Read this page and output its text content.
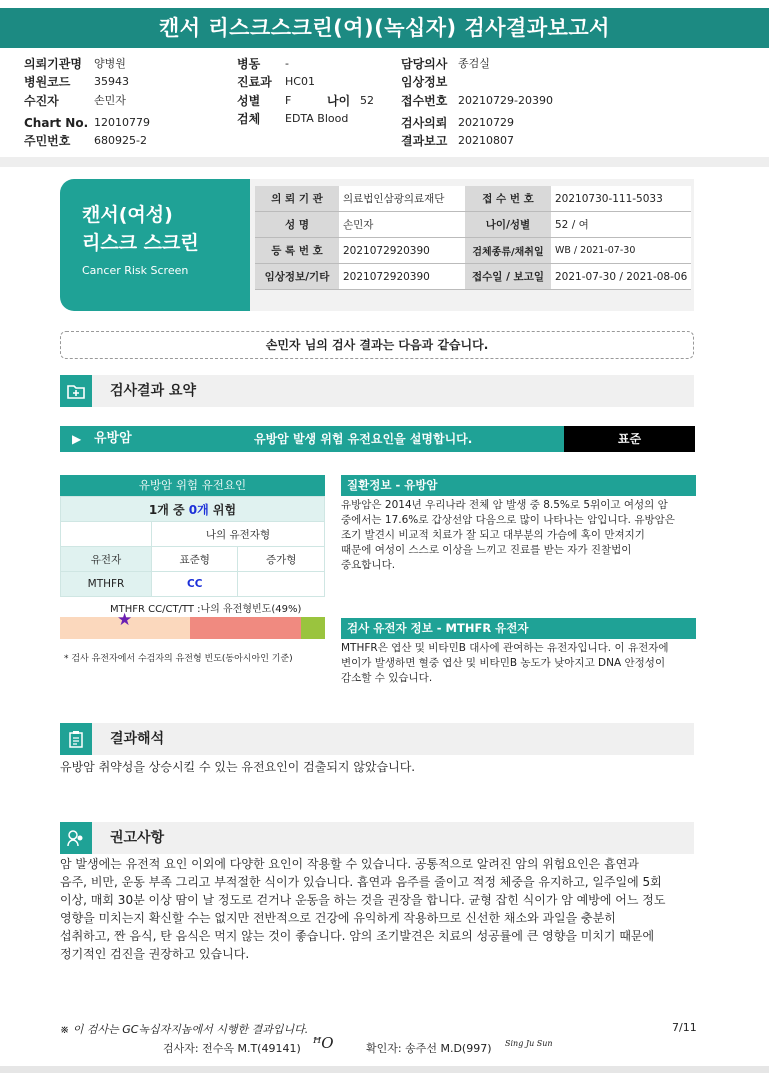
캔서 리스크스크린(여)(녹십자) 검사결과보고서
의뢰기관명 양병원
병원코드 35943
수진자	손민자
Chart No. 12010779
주민번호 680925-2
병동 -
진료과 HC01
성별 F	나이 52
검체 EDTA Blood
담당의사 종검실
임상정보
접수번호 20210729-20390
검사의뢰 20210729
결과보고 20210807
캔서(여성)
리스크 스크린
Cancer Risk Screen
의 뢰 기 관	의료법인삼광의료재단	접 수 번 호	20210730-111-5033
성 명	손민자	나이/성별	52 / 여
등 록 번 호	2021072920390	검체종류/채취일	WB / 2021-07-30
임상정보/기타	2021072920390	접수일 / 보고일	2021-07-30 / 2021-08-06
손민자 님의 검사 결과는 다음과 같습니다.
검사결과 요약
▶ 유방암	유방암 발생 위험 유전요인을 설명합니다.	표준
유방암 위험 유전요인
1개 중 0개 위험		
	나의 유전자형	
유전자	표준형	증가형
MTHFR	CC	
MTHFR CC/CT/TT :나의 유전형빈도(49%)
★
* 검사 유전자에서 수검자의 유전형 빈도(동아시아인 기준)
질환정보 - 유방암
유방암은 2014년 우리나라 전체 암 발생 중 8.5%로 5위이고 여성의 암
중에서는 17.6%로 갑상선암 다음으로 많이 나타나는 암입니다. 유방암은
조기 발견시 비교적 치료가 잘 되고 대부분의 가슴에 혹이 만져지기
때문에 여성이 스스로 이상을 느끼고 진료를 받는 자가 진찰법이
중요합니다.
검사 유전자 정보 - MTHFR 유전자
MTHFR은 엽산 및 비타민B 대사에 관여하는 유전자입니다. 이 유전자에
변이가 발생하면 혈중 엽산 및 비타민B 농도가 낮아지고 DNA 안정성이
감소할 수 있습니다.
결과해석
유방암 취약성을 상승시킬 수 있는 유전요인이 검출되지 않았습니다.
권고사항
암 발생에는 유전적 요인 이외에 다양한 요인이 작용할 수 있습니다. 공통적으로 알려진 암의 위험요인은 흡연과
음주, 비만, 운동 부족 그리고 부적절한 식이가 있습니다. 흡연과 음주를 줄이고 적정 체중을 유지하고, 일주일에 5회
이상, 매회 30분 이상 땀이 날 정도로 걷거나 운동을 하는 것을 권장을 합니다. 균형 잡힌 식이가 암 예방에 어느 정도
영향을 미치는지 확신할 수는 없지만 전반적으로 건강에 유익하게 작용하므로 신선한 채소와 과일을 충분히
섭취하고, 짠 음식, 탄 음식은 먹지 않는 것이 좋습니다. 암의 조기발견은 치료의 성공률에 큰 영향을 미치기 때문에
정기적인 검진을 권장하고 있습니다.
※ 이 검사는 GC녹십자지놈에서 시행한 결과입니다.	7/11
검사자: 전수옥 M.T(49141) ꟸO	확인자: 송주선 M.D(997) Sing Ju Sun
